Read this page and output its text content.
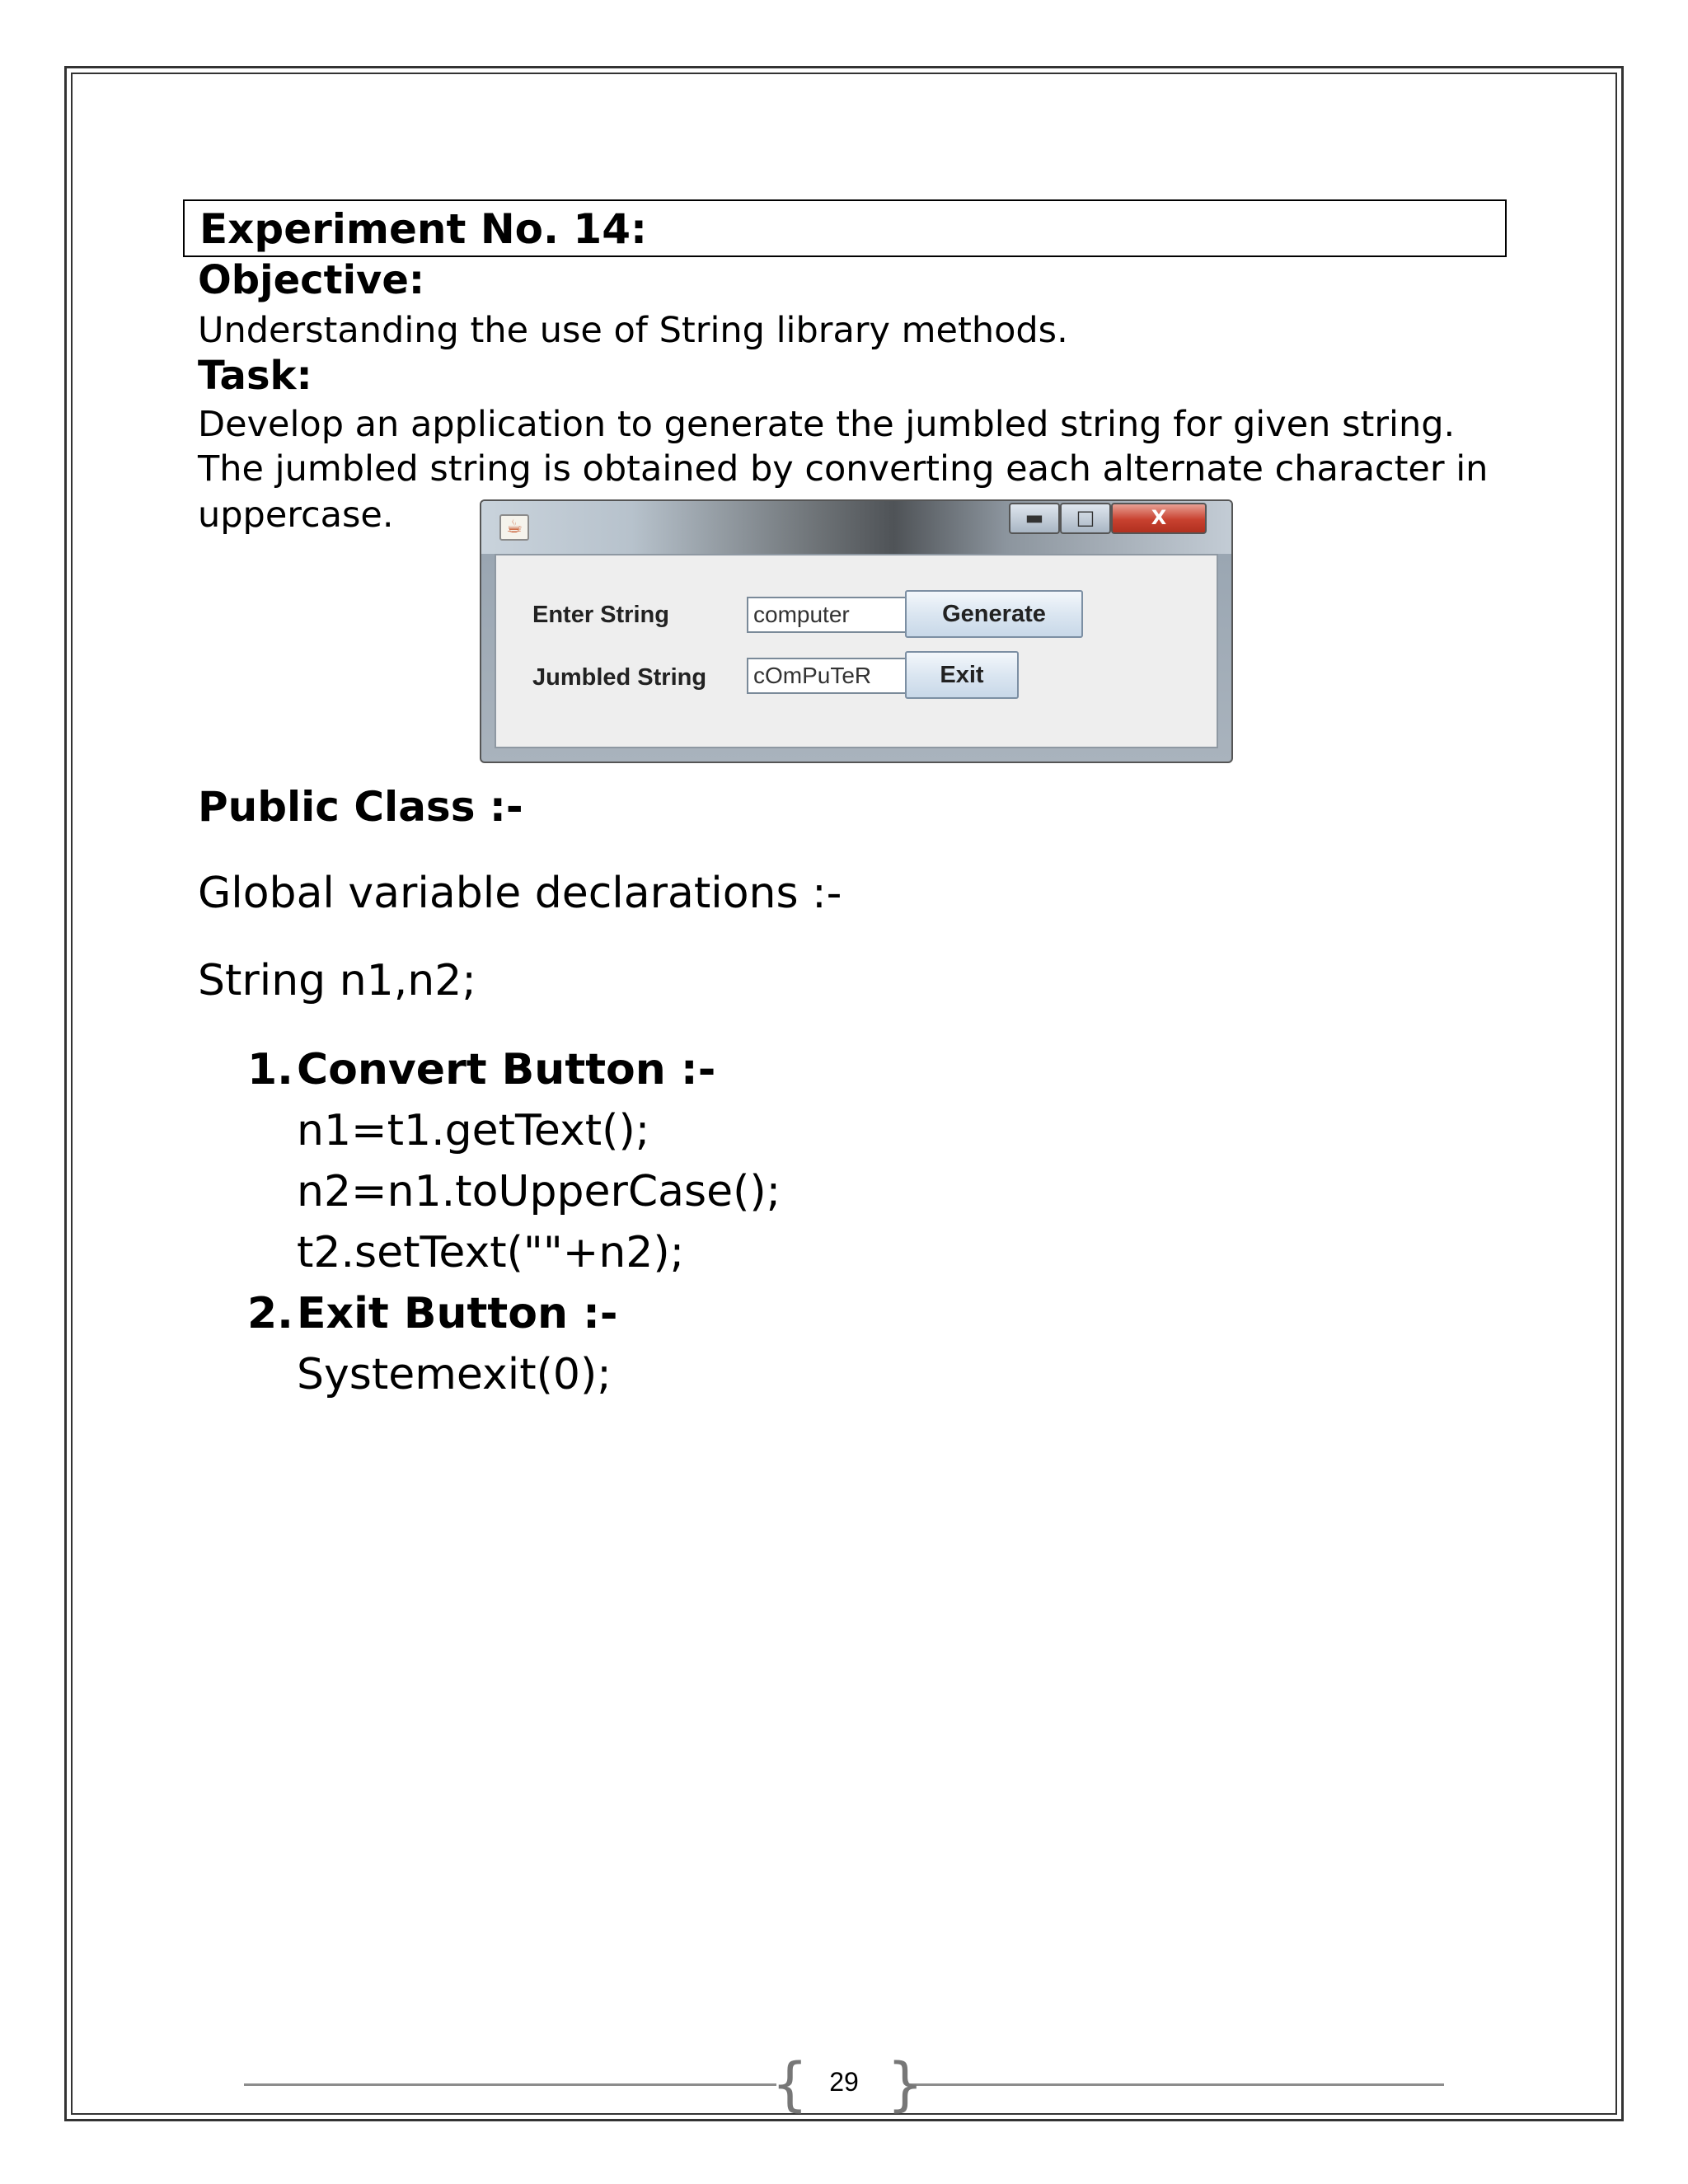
Experiment No. 14:
Objective:
Understanding the use of String library methods.
Task:
Develop an application to generate the jumbled string for given string.
The jumbled string is obtained by converting each alternate character in
uppercase.	☕	▬	□	X
Enter String	computer	Generate
Jumbled String cOmPuTeR	Exit
Public Class :-
Global variable declarations :-
String n1,n2;
1.Convert Button :-
n1=t1.getText();
n2=n1.toUpperCase();
t2.setText(""+n2);
2.Exit Button :-
Systemexit(0);
{ }
29
